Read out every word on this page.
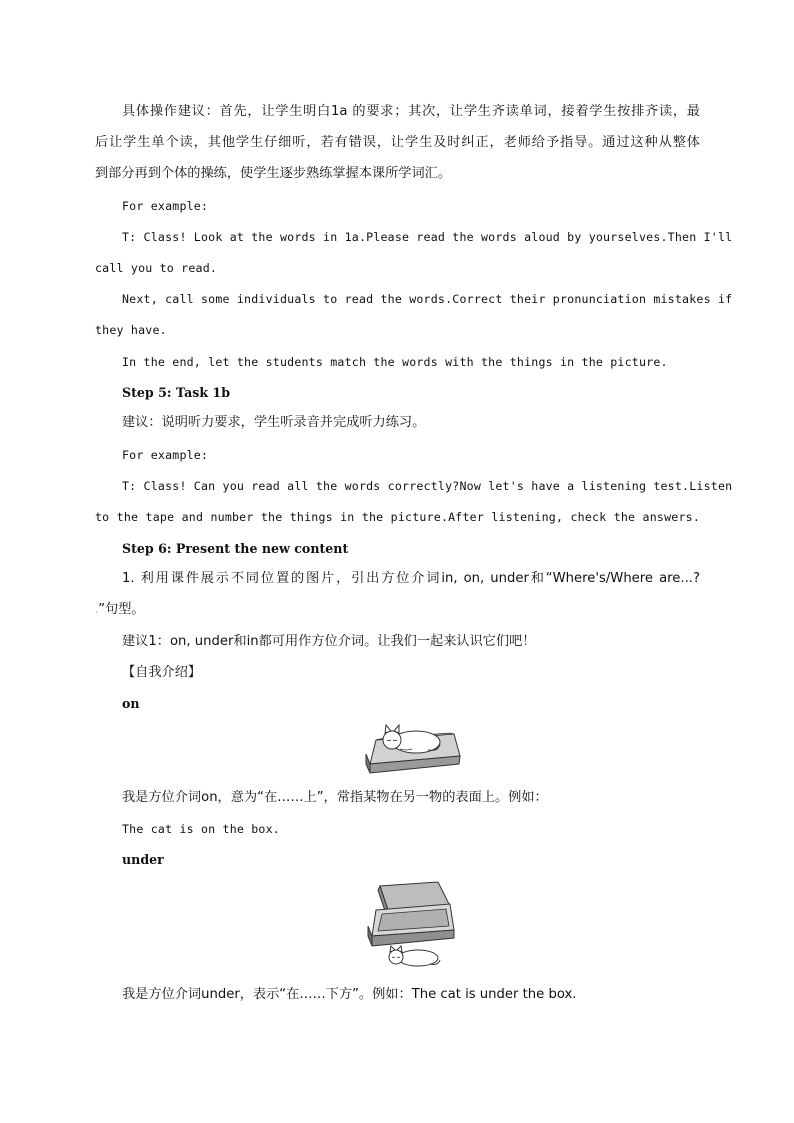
具体操作建议：首先，让学生明白1a 的要求；其次，让学生齐读单词，接着学生按排齐读，最
后让学生单个读，其他学生仔细听，若有错误，让学生及时纠正，老师给予指导。通过这种从整体
到部分再到个体的操练，使学生逐步熟练掌握本课所学词汇。
For example:
T: Class! Look at the words in 1a.Please read the words aloud by yourselves.Then I'll
call you to read.
Next, call some individuals to read the words.Correct their pronunciation mistakes if
they have.
In the end, let the students match the words with the things in the picture.
Step 5: Task 1b
建议：说明听力要求，学生听录音并完成听力练习。
For example:
T: Class! Can you read all the words correctly?Now let's have a listening test.Listen
to the tape and number the things in the picture.After listening, check the answers.
Step 6: Present the new content
1. 利用课件展示不同位置的图片，引出方位介词in, on, under和“Where's/Where are...?
.”句型。
建议1：on, under和in都可用作方位介词。让我们一起来认识它们吧！
【自我介绍】
on
我是方位介词on，意为“在……上”，常指某物在另一物的表面上。例如：
The cat is on the box.
under
我是方位介词under，表示“在……下方”。例如：The cat is under the box.
